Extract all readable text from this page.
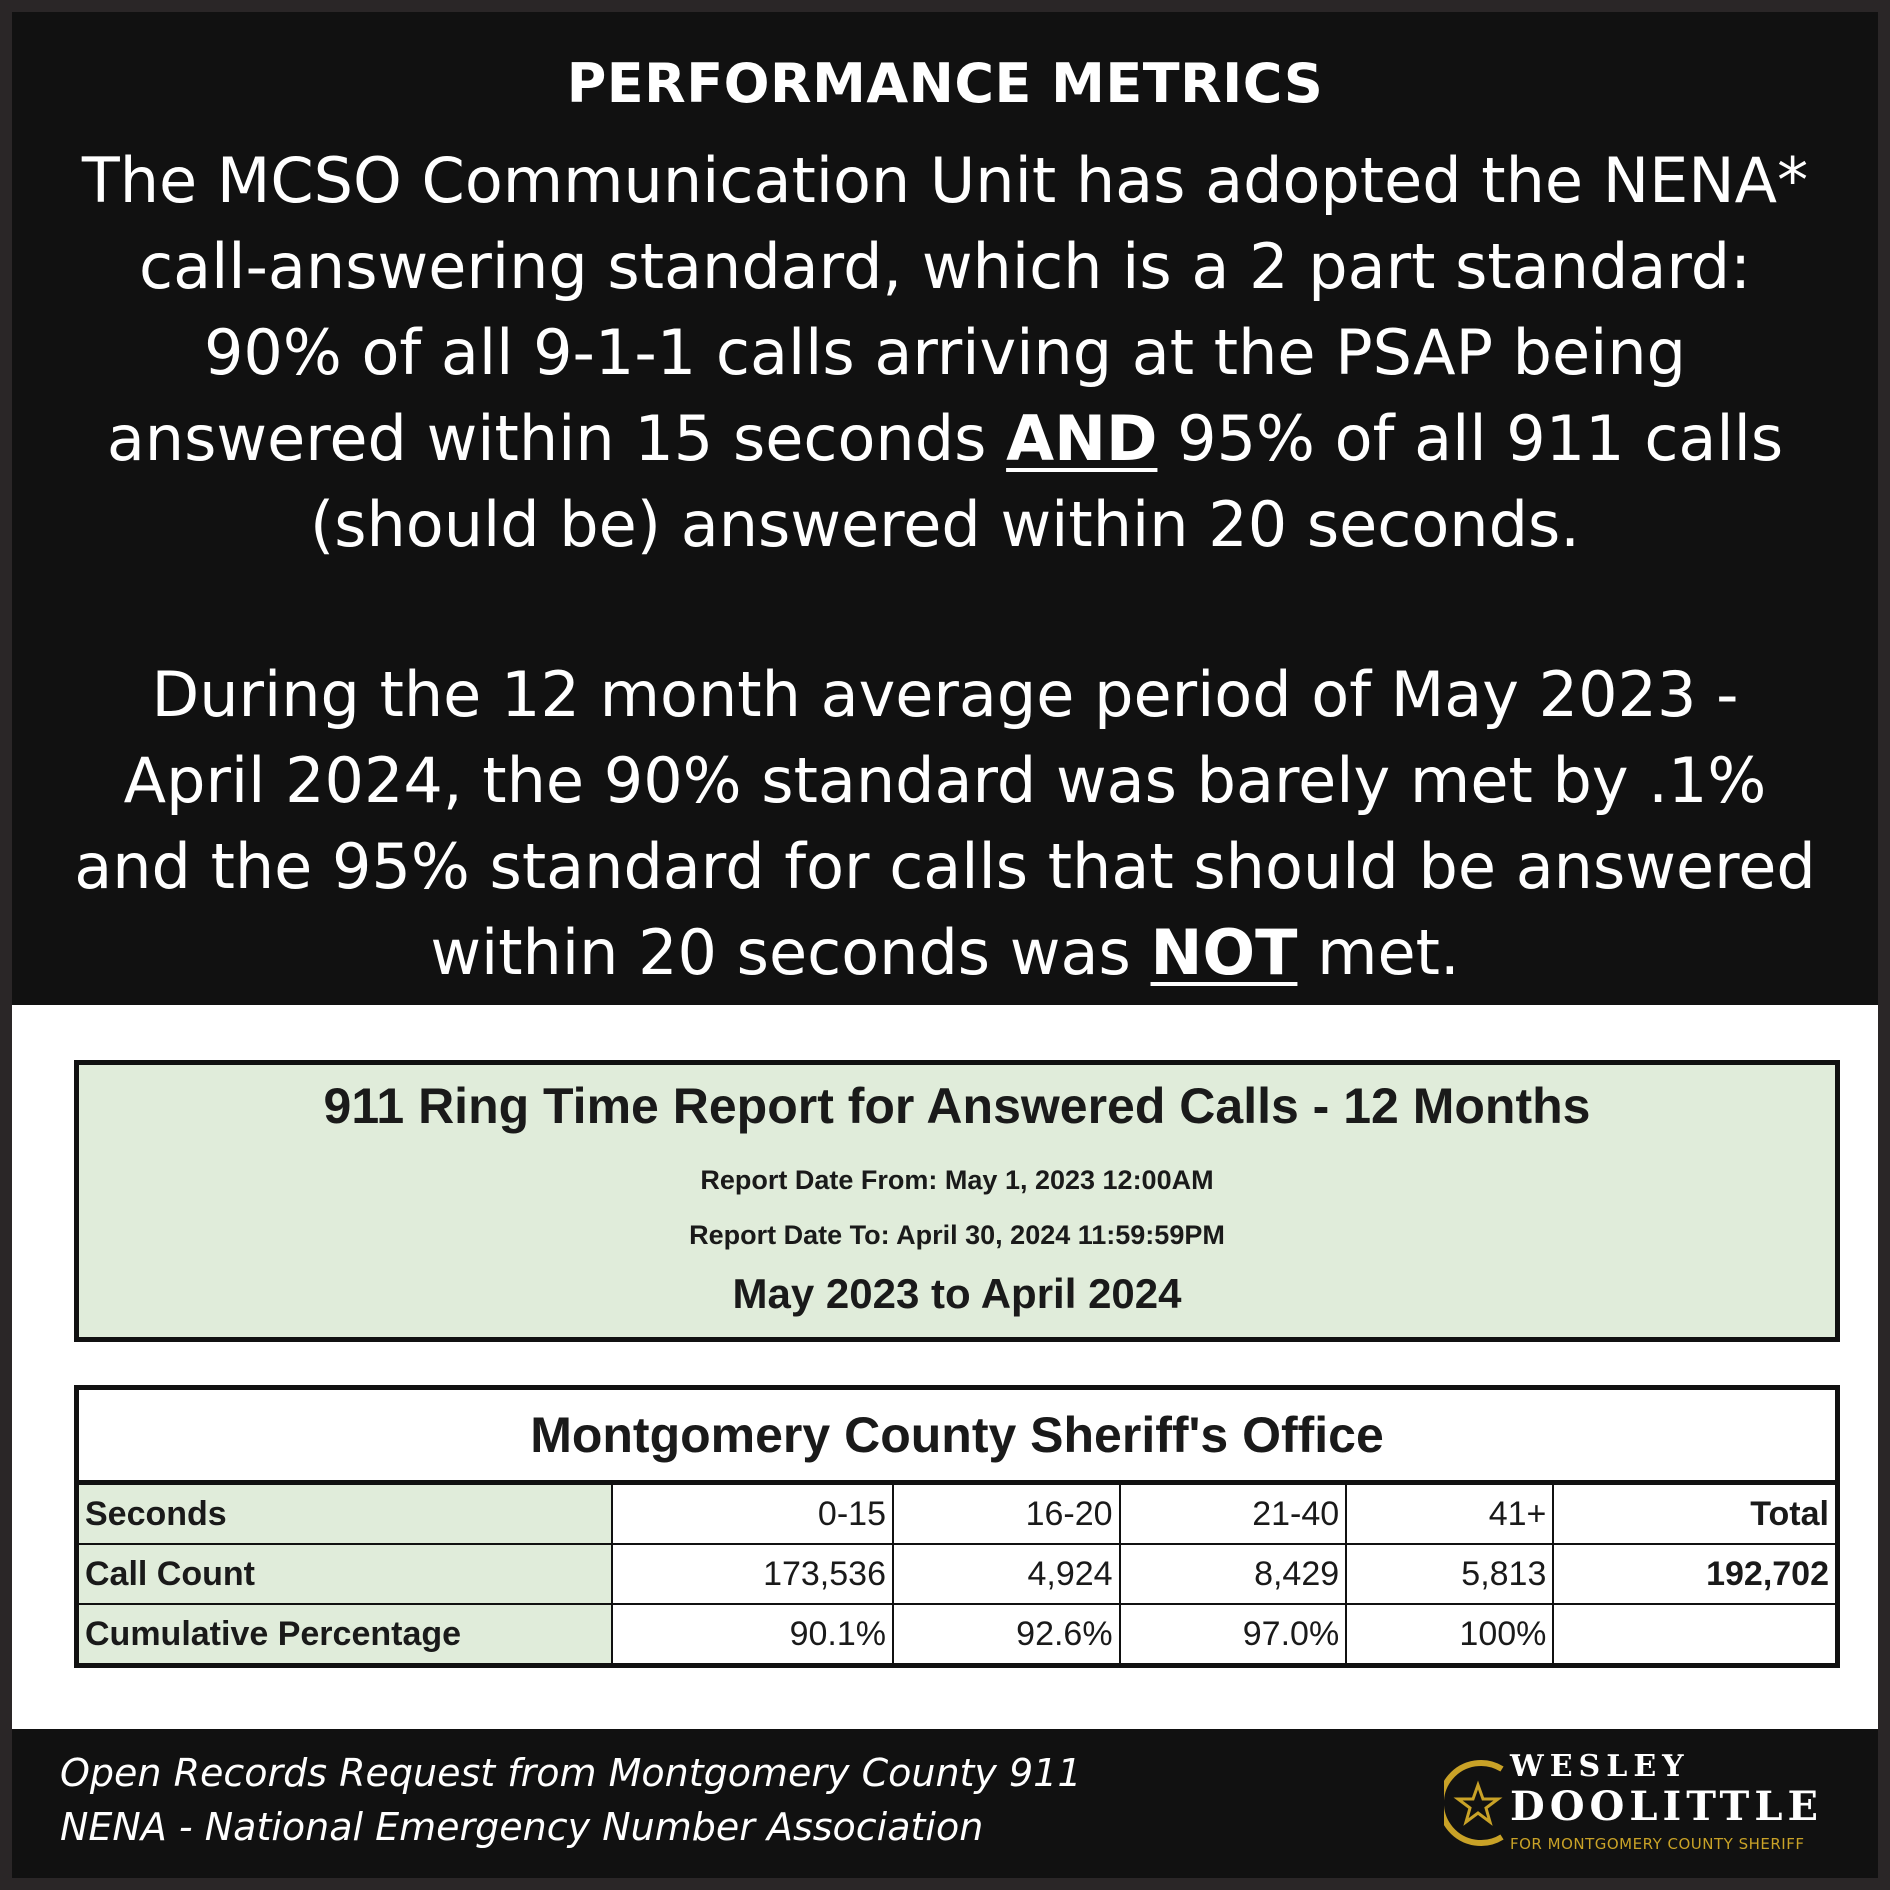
PERFORMANCE METRICS
The MCSO Communication Unit has adopted the NENA* call-answering standard, which is a 2 part standard: 90% of all 9-1-1 calls arriving at the PSAP being answered within 15 seconds AND 95% of all 911 calls (should be) answered within 20 seconds.
During the 12 month average period of May 2023 - April 2024, the 90% standard was barely met by .1% and the 95% standard for calls that should be answered within 20 seconds was NOT met.
911 Ring Time Report for Answered Calls - 12 Months
Report Date From: May 1, 2023 12:00AM
Report Date To: April 30, 2024 11:59:59PM
May 2023 to April 2024
Montgomery County Sheriff's Office					
Seconds	0-15	16-20	21-40	41+	Total
Call Count	173,536	4,924	8,429	5,813	192,702
Cumulative Percentage	90.1%	92.6%	97.0%	100%	
Open Records Request from Montgomery County 911
NENA - National Emergency Number Association
WESLEY
DOOLITTLE
FOR MONTGOMERY COUNTY SHERIFF
